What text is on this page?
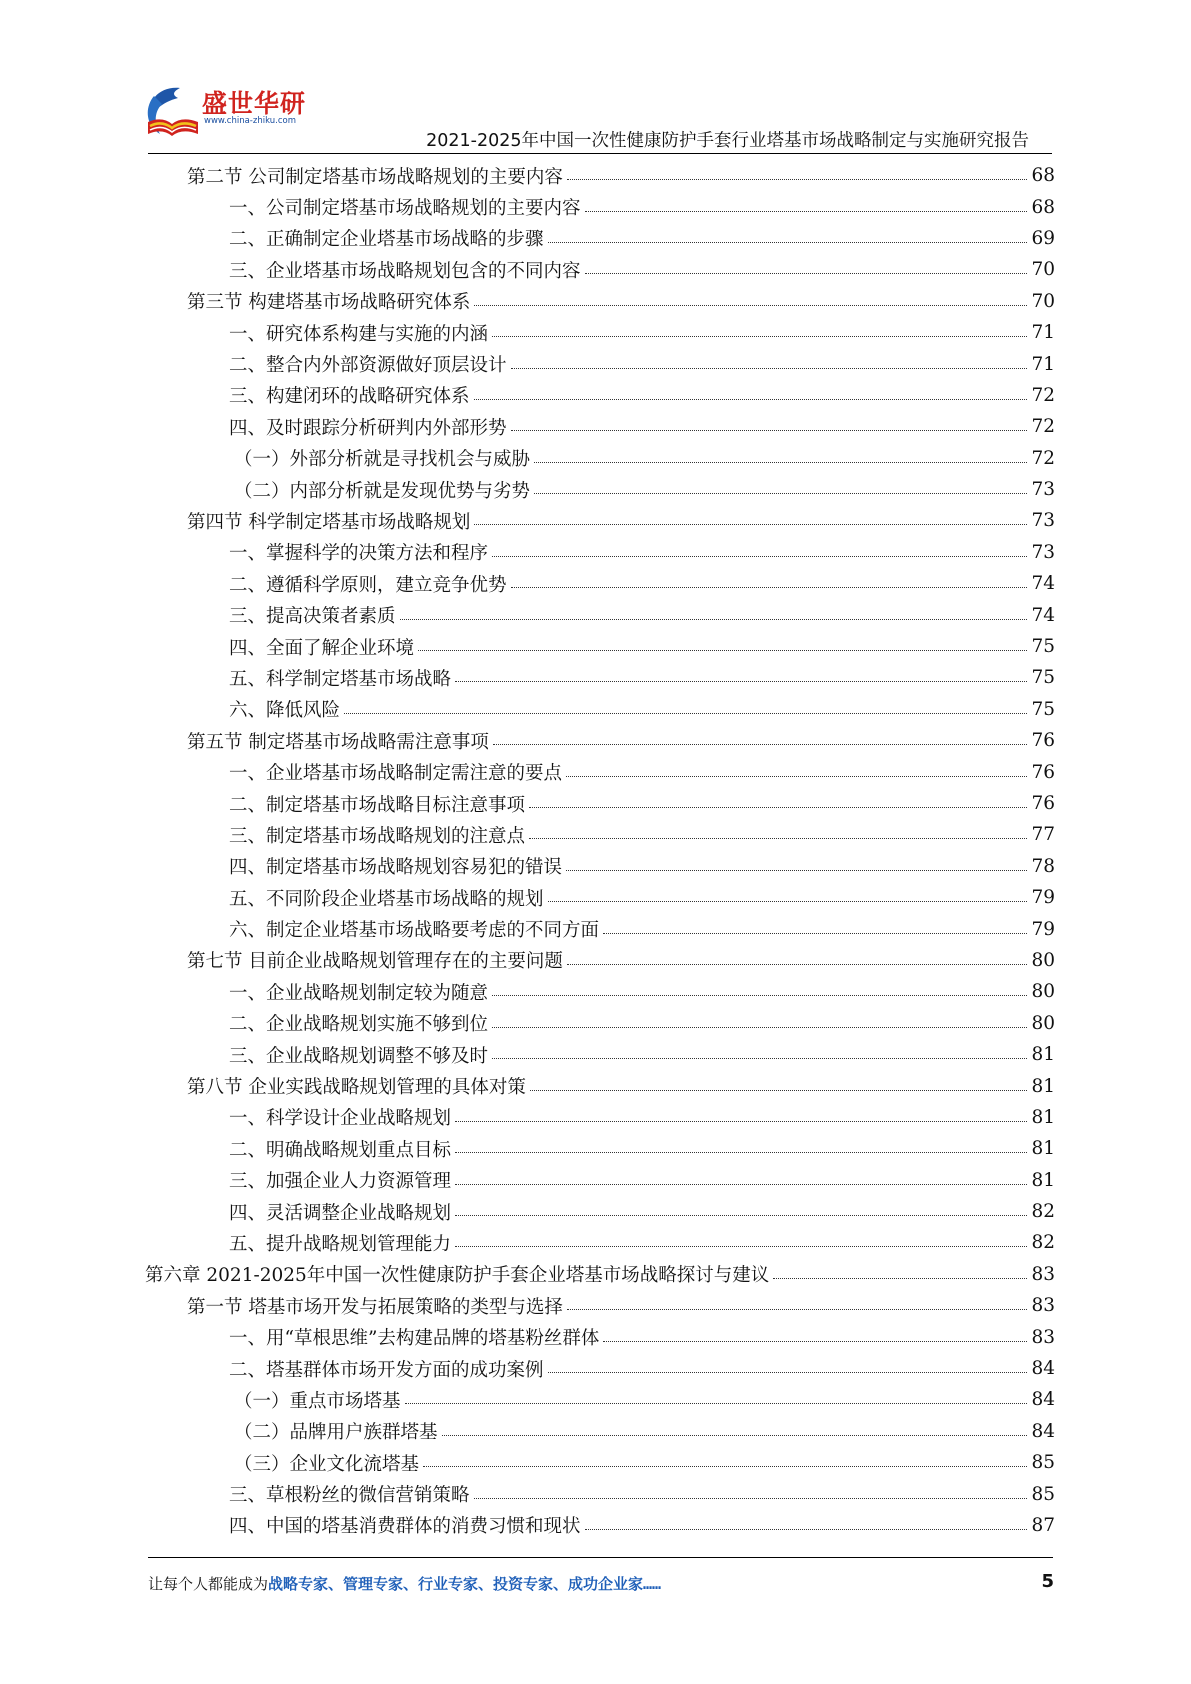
盛世华研
www.china-zhiku.com
2021-2025年中国一次性健康防护手套行业塔基市场战略制定与实施研究报告
第二节 公司制定塔基市场战略规划的主要内容	68
一、公司制定塔基市场战略规划的主要内容	68
二、正确制定企业塔基市场战略的步骤	69
三、企业塔基市场战略规划包含的不同内容	70
第三节 构建塔基市场战略研究体系	70
一、研究体系构建与实施的内涵	71
二、整合内外部资源做好顶层设计	71
三、构建闭环的战略研究体系	72
四、及时跟踪分析研判内外部形势	72
（一）外部分析就是寻找机会与威胁	72
（二）内部分析就是发现优势与劣势	73
第四节 科学制定塔基市场战略规划	73
一、掌握科学的决策方法和程序	73
二、遵循科学原则，建立竞争优势	74
三、提高决策者素质	74
四、全面了解企业环境	75
五、科学制定塔基市场战略	75
六、降低风险	75
第五节 制定塔基市场战略需注意事项	76
一、企业塔基市场战略制定需注意的要点	76
二、制定塔基市场战略目标注意事项	76
三、制定塔基市场战略规划的注意点	77
四、制定塔基市场战略规划容易犯的错误	78
五、不同阶段企业塔基市场战略的规划	79
六、制定企业塔基市场战略要考虑的不同方面	79
第七节 目前企业战略规划管理存在的主要问题	80
一、企业战略规划制定较为随意	80
二、企业战略规划实施不够到位	80
三、企业战略规划调整不够及时	81
第八节 企业实践战略规划管理的具体对策	81
一、科学设计企业战略规划	81
二、明确战略规划重点目标	81
三、加强企业人力资源管理	81
四、灵活调整企业战略规划	82
五、提升战略规划管理能力	82
第六章 2021-2025年中国一次性健康防护手套企业塔基市场战略探讨与建议	83
第一节 塔基市场开发与拓展策略的类型与选择	83
一、用“草根思维”去构建品牌的塔基粉丝群体	83
二、塔基群体市场开发方面的成功案例	84
（一）重点市场塔基	84
（二）品牌用户族群塔基	84
（三）企业文化流塔基	85
三、草根粉丝的微信营销策略	85
四、中国的塔基消费群体的消费习惯和现状	87
让每个人都能成为战略专家、管理专家、行业专家、投资专家、成功企业家……	5
